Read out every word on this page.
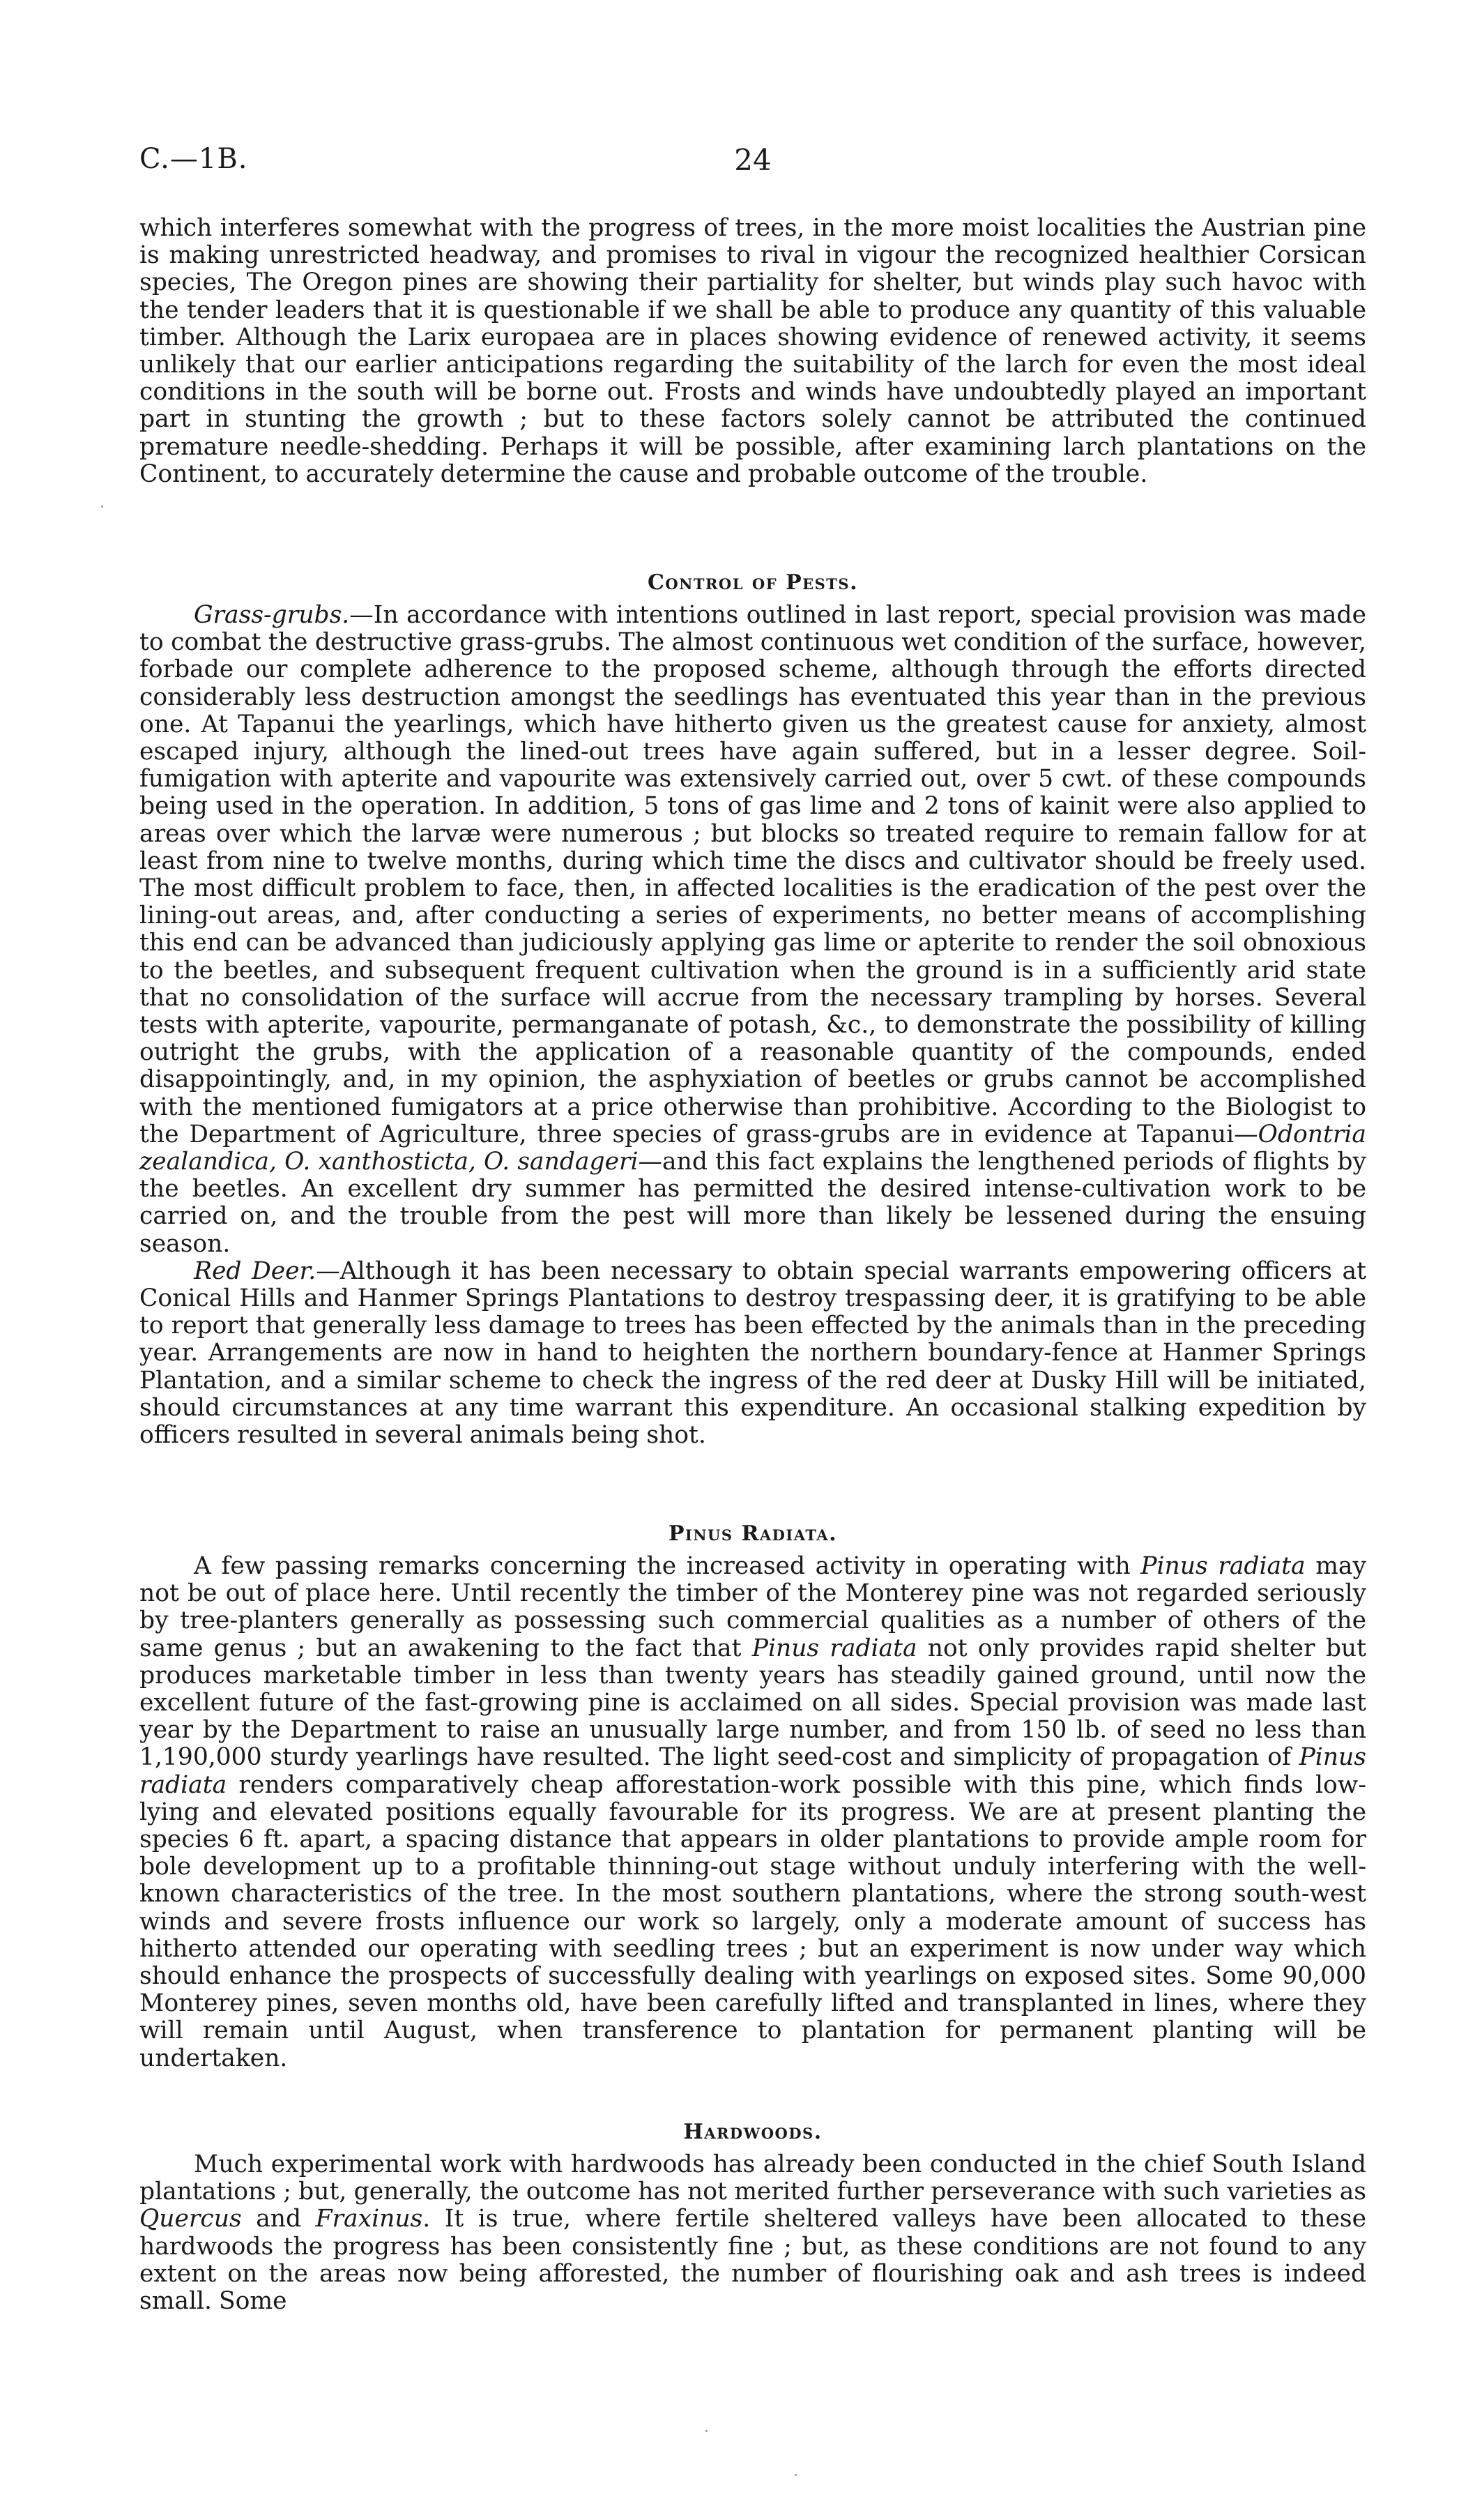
C.—1B.	24

which interferes somewhat with the progress of trees, in the more moist localities the Austrian pine is making unrestricted headway, and promises to rival in vigour the recognized healthier Corsican species, The Oregon pines are showing their partiality for shelter, but winds play such havoc with the tender leaders that it is questionable if we shall be able to produce any quantity of this valuable timber. Although the Larix europaea are in places showing evidence of renewed activity, it seems unlikely that our earlier anticipations regarding the suitability of the larch for even the most ideal conditions in the south will be borne out. Frosts and winds have undoubtedly played an important part in stunting the growth ; but to these factors solely cannot be attributed the continued premature needle-shedding. Perhaps it will be possible, after examining larch plantations on the Continent, to accurately determine the cause and probable outcome of the trouble.

Control of Pests.

Grass-grubs.—In accordance with intentions outlined in last report, special provision was made to combat the destructive grass-grubs. The almost continuous wet condition of the surface, however, forbade our complete adherence to the proposed scheme, although through the efforts directed considerably less destruction amongst the seedlings has eventuated this year than in the previous one. At Tapanui the yearlings, which have hitherto given us the greatest cause for anxiety, almost escaped injury, although the lined-out trees have again suffered, but in a lesser degree. Soil-fumigation with apterite and vapourite was extensively carried out, over 5 cwt. of these compounds being used in the operation. In addition, 5 tons of gas lime and 2 tons of kainit were also applied to areas over which the larvæ were numerous ; but blocks so treated require to remain fallow for at least from nine to twelve months, during which time the discs and cultivator should be freely used. The most difficult problem to face, then, in affected localities is the eradication of the pest over the lining-out areas, and, after conducting a series of experiments, no better means of accomplishing this end can be advanced than judiciously applying gas lime or apterite to render the soil obnoxious to the beetles, and subsequent frequent cultivation when the ground is in a sufficiently arid state that no consolidation of the surface will accrue from the necessary trampling by horses. Several tests with apterite, vapourite, permanganate of potash, &c., to demonstrate the possibility of killing outright the grubs, with the application of a reasonable quantity of the compounds, ended disappointingly, and, in my opinion, the asphyxiation of beetles or grubs cannot be accomplished with the mentioned fumigators at a price otherwise than prohibitive. According to the Biologist to the Department of Agriculture, three species of grass-grubs are in evidence at Tapanui—Odontria zealandica, O. xanthosticta, O. sandageri—and this fact explains the lengthened periods of flights by the beetles. An excellent dry summer has permitted the desired intense-cultivation work to be carried on, and the trouble from the pest will more than likely be lessened during the ensuing season.

Red Deer.—Although it has been necessary to obtain special warrants empowering officers at Conical Hills and Hanmer Springs Plantations to destroy trespassing deer, it is gratifying to be able to report that generally less damage to trees has been effected by the animals than in the preceding year. Arrangements are now in hand to heighten the northern boundary-fence at Hanmer Springs Plantation, and a similar scheme to check the ingress of the red deer at Dusky Hill will be initiated, should circumstances at any time warrant this expenditure. An occasional stalking expedition by officers resulted in several animals being shot.

Pinus Radiata.

A few passing remarks concerning the increased activity in operating with Pinus radiata may not be out of place here. Until recently the timber of the Monterey pine was not regarded seriously by tree-planters generally as possessing such commercial qualities as a number of others of the same genus ; but an awakening to the fact that Pinus radiata not only provides rapid shelter but produces marketable timber in less than twenty years has steadily gained ground, until now the excellent future of the fast-growing pine is acclaimed on all sides. Special provision was made last year by the Department to raise an unusually large number, and from 150 lb. of seed no less than 1,190,000 sturdy yearlings have resulted. The light seed-cost and simplicity of propagation of Pinus radiata renders comparatively cheap afforestation-work possible with this pine, which finds low-lying and elevated positions equally favourable for its progress. We are at present planting the species 6 ft. apart, a spacing distance that appears in older plantations to provide ample room for bole development up to a profitable thinning-out stage without unduly interfering with the well-known characteristics of the tree. In the most southern plantations, where the strong south-west winds and severe frosts influence our work so largely, only a moderate amount of success has hitherto attended our operating with seedling trees ; but an experiment is now under way which should enhance the prospects of successfully dealing with yearlings on exposed sites. Some 90,000 Monterey pines, seven months old, have been carefully lifted and transplanted in lines, where they will remain until August, when transference to plantation for permanent planting will be undertaken.

Hardwoods.

Much experimental work with hardwoods has already been conducted in the chief South Island plantations ; but, generally, the outcome has not merited further perseverance with such varieties as Quercus and Fraxinus. It is true, where fertile sheltered valleys have been allocated to these hardwoods the progress has been consistently fine ; but, as these conditions are not found to any extent on the areas now being afforested, the number of flourishing oak and ash trees is indeed small. Some
